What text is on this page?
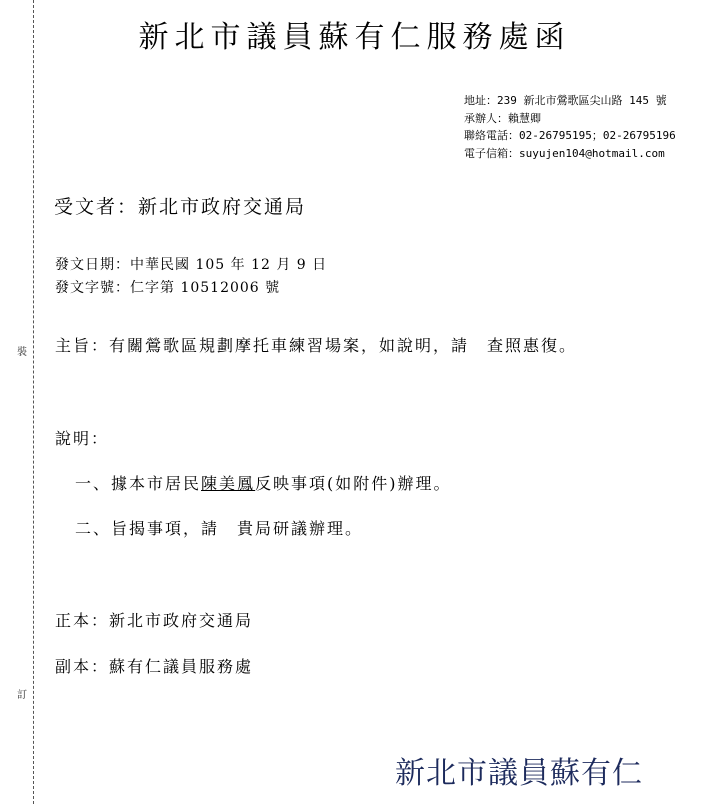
裝
訂
新北市議員蘇有仁服務處函
地址：239 新北市鶯歌區尖山路 145 號
承辦人：賴慧卿
聯絡電話：02-26795195；02-26795196
電子信箱：suyujen104@hotmail.com
受文者：新北市政府交通局
發文日期：中華民國 105 年 12 月 9 日
發文字號：仁字第 10512006 號
主旨：有關鶯歌區規劃摩托車練習場案，如說明，請　查照惠復。
說明：
一、據本市居民陳美鳳反映事項(如附件)辦理。
二、旨揭事項，請　貴局研議辦理。
正本：新北市政府交通局
副本：蘇有仁議員服務處
新北市議員蘇有仁
